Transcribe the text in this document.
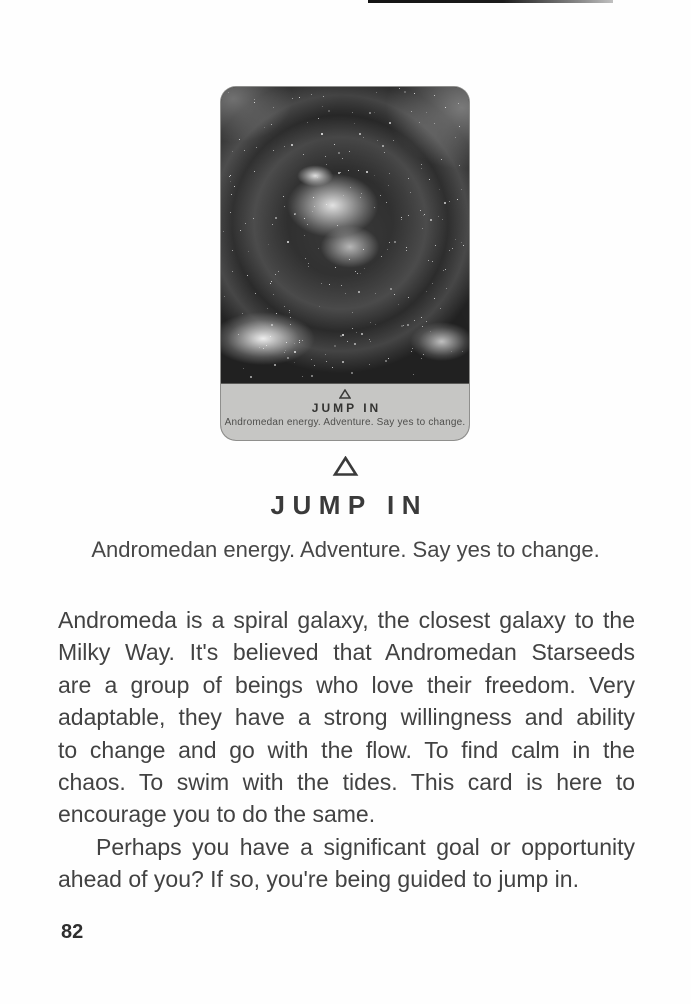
JUMP IN
Andromedan energy. Adventure. Say yes to change.
JUMP IN

Andromedan energy. Adventure. Say yes to change.

Andromeda is a spiral galaxy, the closest galaxy to the
Milky Way. It's believed that Andromedan Starseeds
are a group of beings who love their freedom. Very
adaptable, they have a strong willingness and ability
to change and go with the flow. To find calm in the
chaos. To swim with the tides. This card is here to
encourage you to do the same.
Perhaps you have a significant goal or opportunity
ahead of you? If so, you're being guided to jump in.
82
